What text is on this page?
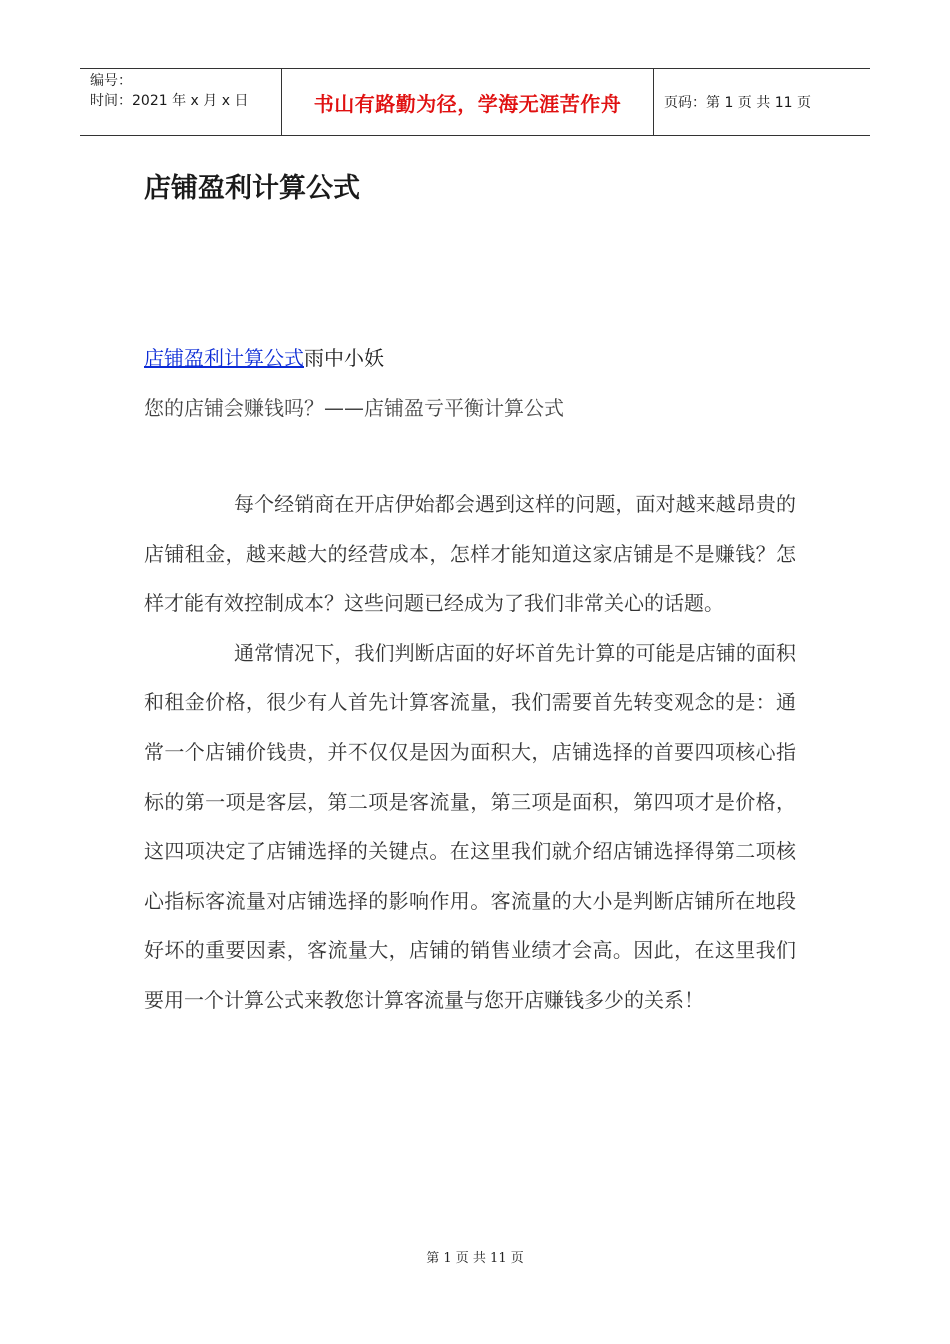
编号：
时间：2021 年 x 月 x 日	书山有路勤为径，学海无涯苦作舟	页码：第 1 页 共 11 页
店铺盈利计算公式
店铺盈利计算公式雨中小妖
您的店铺会赚钱吗？——店铺盈亏平衡计算公式

每个经销商在开店伊始都会遇到这样的问题，面对越来越昂贵的店铺租金，越来越大的经营成本，怎样才能知道这家店铺是不是赚钱？怎样才能有效控制成本？这些问题已经成为了我们非常关心的话题。

通常情况下，我们判断店面的好坏首先计算的可能是店铺的面积和租金价格，很少有人首先计算客流量，我们需要首先转变观念的是：通常一个店铺价钱贵，并不仅仅是因为面积大，店铺选择的首要四项核心指标的第一项是客层，第二项是客流量，第三项是面积，第四项才是价格，这四项决定了店铺选择的关键点。在这里我们就介绍店铺选择得第二项核心指标客流量对店铺选择的影响作用。客流量的大小是判断店铺所在地段好坏的重要因素，客流量大，店铺的销售业绩才会高。因此，在这里我们要用一个计算公式来教您计算客流量与您开店赚钱多少的关系！

第 1 页 共 11 页
